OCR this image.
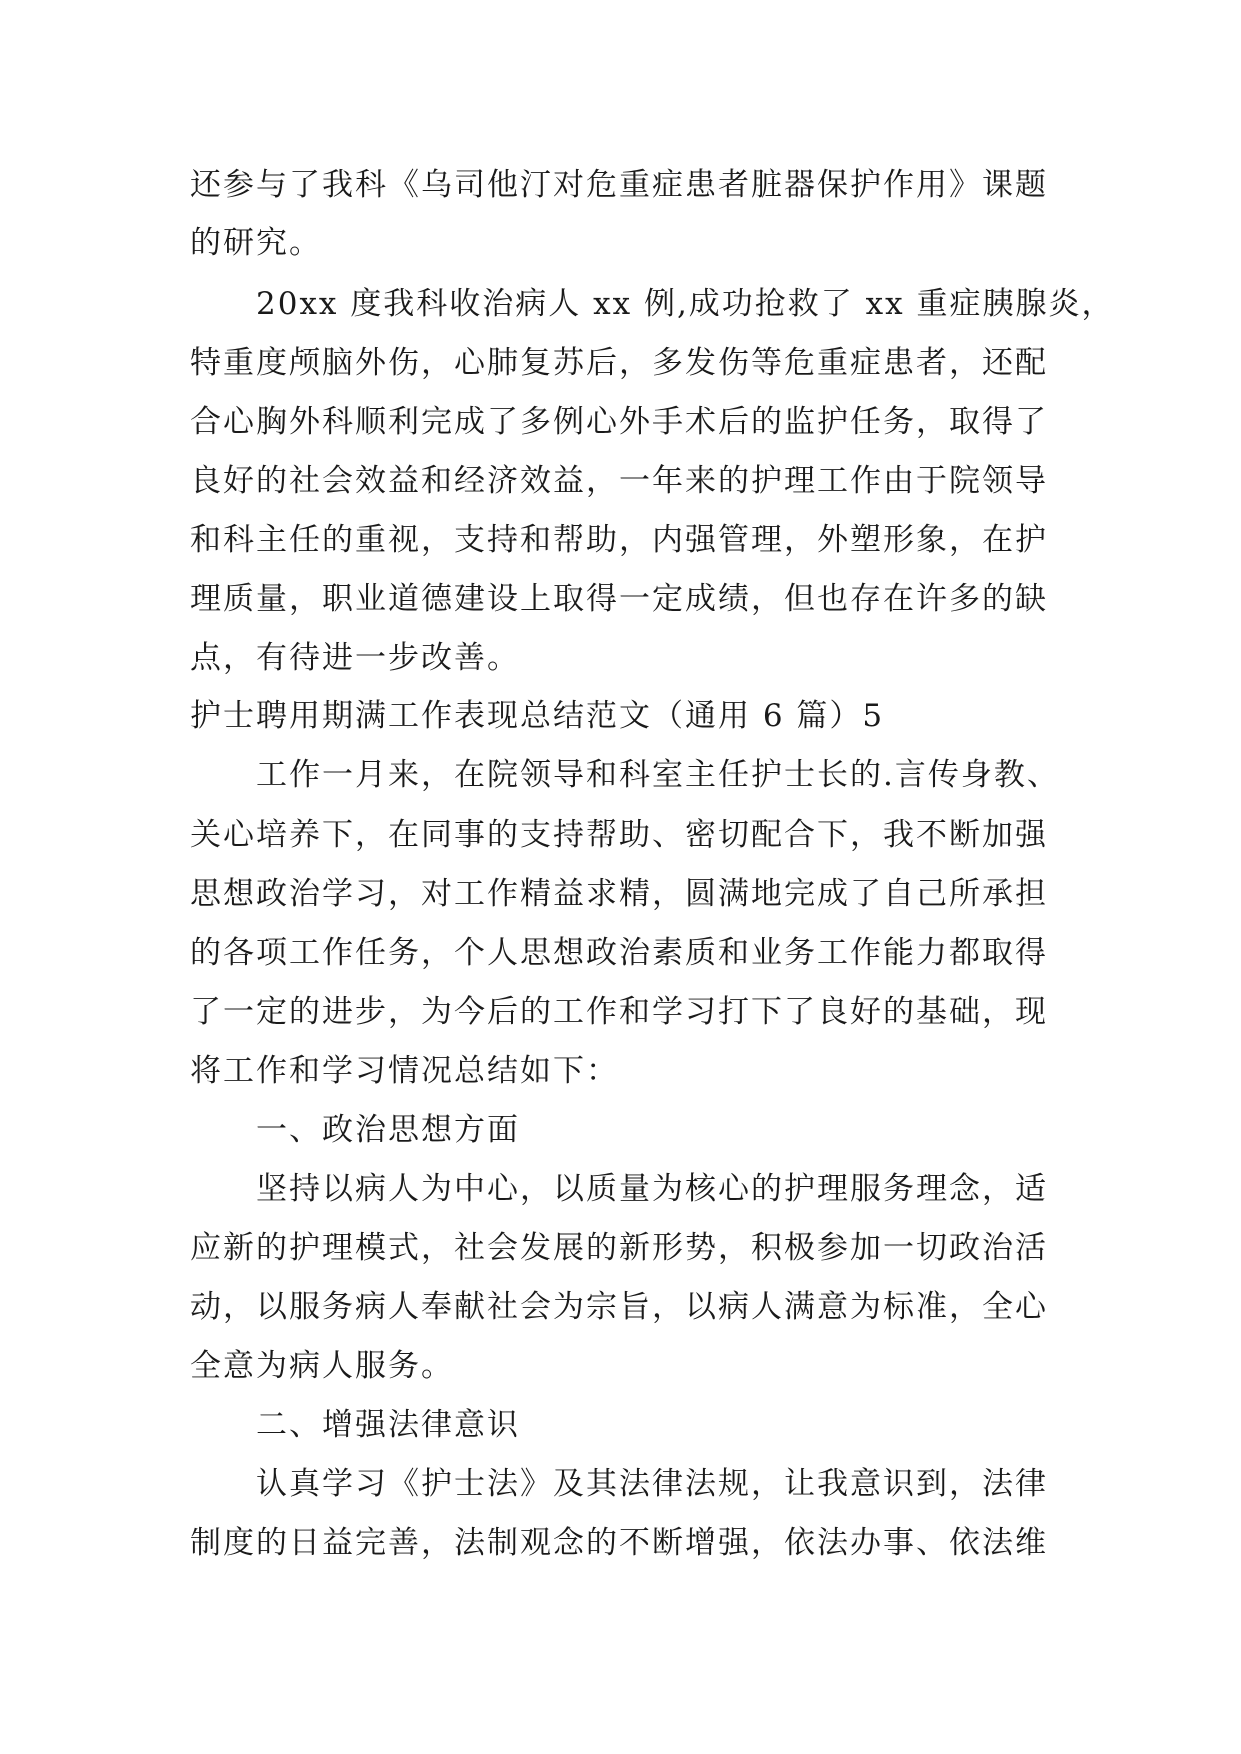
还参与了我科《乌司他汀对危重症患者脏器保护作用》课题
的研究。
20xx 度我科收治病人 xx 例,成功抢救了 xx 重症胰腺炎，
特重度颅脑外伤，心肺复苏后，多发伤等危重症患者，还配
合心胸外科顺利完成了多例心外手术后的监护任务，取得了
良好的社会效益和经济效益，一年来的护理工作由于院领导
和科主任的重视，支持和帮助，内强管理，外塑形象，在护
理质量，职业道德建设上取得一定成绩，但也存在许多的缺
点，有待进一步改善。
护士聘用期满工作表现总结范文（通用 6 篇）5
工作一月来，在院领导和科室主任护士长的.言传身教、
关心培养下，在同事的支持帮助、密切配合下，我不断加强
思想政治学习，对工作精益求精，圆满地完成了自己所承担
的各项工作任务，个人思想政治素质和业务工作能力都取得
了一定的进步，为今后的工作和学习打下了良好的基础，现
将工作和学习情况总结如下：
一、政治思想方面
坚持以病人为中心，以质量为核心的护理服务理念，适
应新的护理模式，社会发展的新形势，积极参加一切政治活
动，以服务病人奉献社会为宗旨，以病人满意为标准，全心
全意为病人服务。
二、增强法律意识
认真学习《护士法》及其法律法规，让我意识到，法律
制度的日益完善，法制观念的不断增强，依法办事、依法维
